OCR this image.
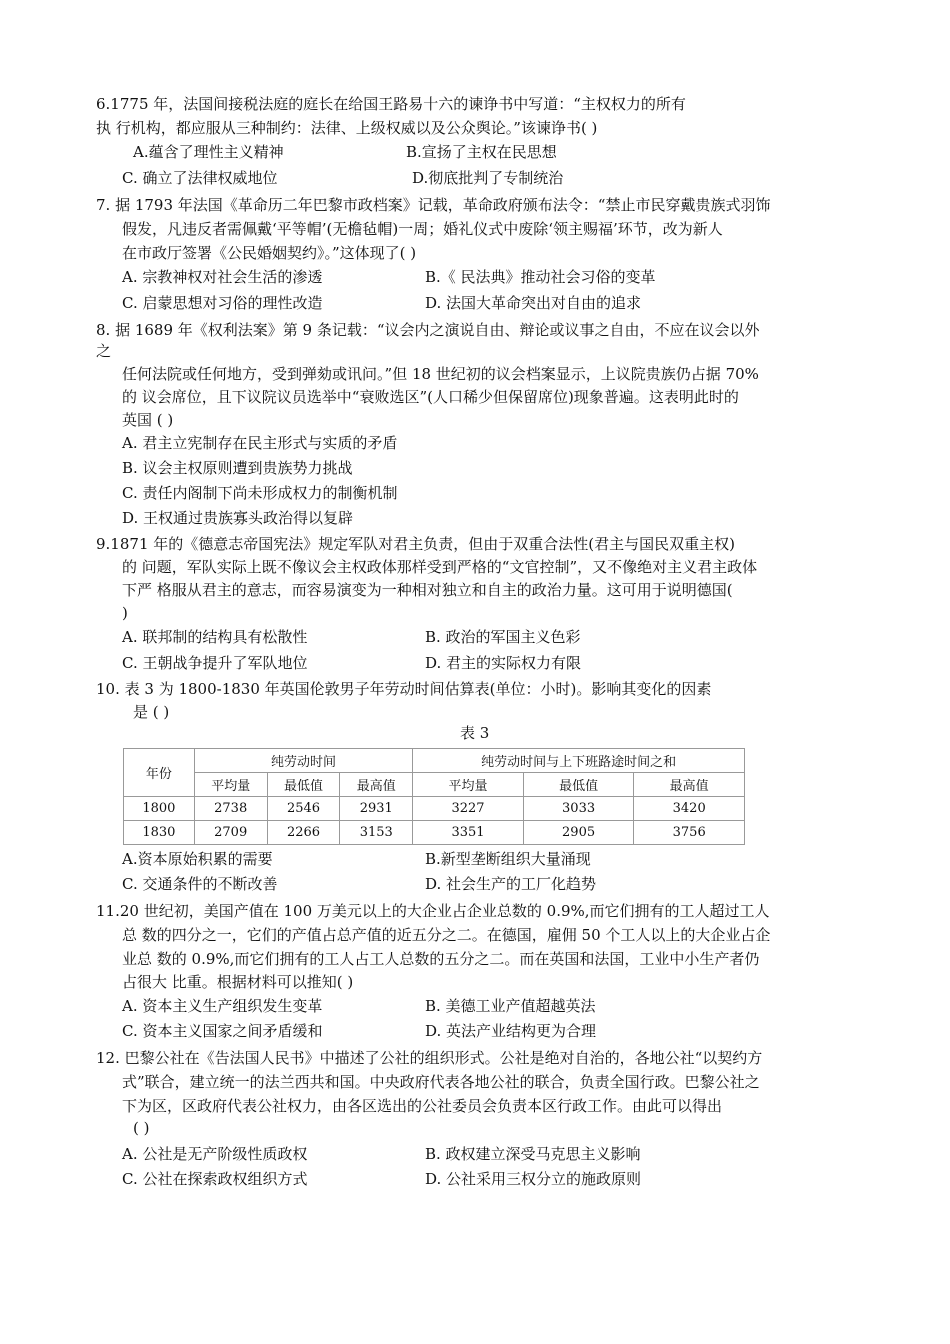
6.1775 年，法国间接税法庭的庭长在给国王路易十六的谏诤书中写道：“主权权力的所有
执 行机构，都应服从三种制约：法律、上级权威以及公众舆论。”该谏诤书( )
A.蕴含了理性主义精神	B.宣扬了主权在民思想
C. 确立了法律权威地位	D.彻底批判了专制统治
7. 据 1793 年法国《革命历二年巴黎市政档案》记载，革命政府颁布法令：“禁止市民穿戴贵族式羽饰
假发，凡违反者需佩戴‘平等帽’(无檐毡帽)一周；婚礼仪式中废除‘领主赐福’环节，改为新人
在市政厅签署《公民婚姻契约》。”这体现了( )
A. 宗教神权对社会生活的渗透	B.《 民法典》推动社会习俗的变革
C. 启蒙思想对习俗的理性改造	D. 法国大革命突出对自由的追求
8. 据 1689 年《权利法案》第 9 条记载：“议会内之演说自由、辩论或议事之自由，不应在议会以外
之
任何法院或任何地方，受到弹劾或讯问。”但 18 世纪初的议会档案显示，上议院贵族仍占据 70%
的 议会席位，且下议院议员选举中“衰败选区”(人口稀少但保留席位)现象普遍。这表明此时的
英国 ( )
A. 君主立宪制存在民主形式与实质的矛盾
B. 议会主权原则遭到贵族势力挑战
C. 责任内阁制下尚未形成权力的制衡机制
D. 王权通过贵族寡头政治得以复辟
9.1871 年的《德意志帝国宪法》规定军队对君主负责，但由于双重合法性(君主与国民双重主权)
的 问题，军队实际上既不像议会主权政体那样受到严格的“文官控制”，又不像绝对主义君主政体
下严 格服从君主的意志，而容易演变为一种相对独立和自主的政治力量。这可用于说明德国(
)
A. 联邦制的结构具有松散性	B. 政治的军国主义色彩
C. 王朝战争提升了军队地位	D. 君主的实际权力有限
10. 表 3 为 1800-1830 年英国伦敦男子年劳动时间估算表(单位：小时)。影响其变化的因素
是 ( )
表 3
年份	纯劳动时间			纯劳动时间与上下班路途时间之和		
	平均量	最低值	最高值	平均量	最低值	最高值
1800	2738	2546	2931	3227	3033	3420
1830	2709	2266	3153	3351	2905	3756
A.资本原始积累的需要	B.新型垄断组织大量涌现
C. 交通条件的不断改善	D. 社会生产的工厂化趋势
11.20 世纪初，美国产值在 100 万美元以上的大企业占企业总数的 0.9%,而它们拥有的工人超过工人
总 数的四分之一，它们的产值占总产值的近五分之二。在德国，雇佣 50 个工人以上的大企业占企
业总 数的 0.9%,而它们拥有的工人占工人总数的五分之二。而在英国和法国，工业中小生产者仍
占很大 比重。根据材料可以推知( )
A. 资本主义生产组织发生变革	B. 美德工业产值超越英法
C. 资本主义国家之间矛盾缓和	D. 英法产业结构更为合理
12. 巴黎公社在《告法国人民书》中描述了公社的组织形式。公社是绝对自治的，各地公社“以契约方
式”联合，建立统一的法兰西共和国。中央政府代表各地公社的联合，负责全国行政。巴黎公社之
下为区，区政府代表公社权力，由各区选出的公社委员会负责本区行政工作。由此可以得出
( )
A. 公社是无产阶级性质政权	B. 政权建立深受马克思主义影响
C. 公社在探索政权组织方式	D. 公社采用三权分立的施政原则
